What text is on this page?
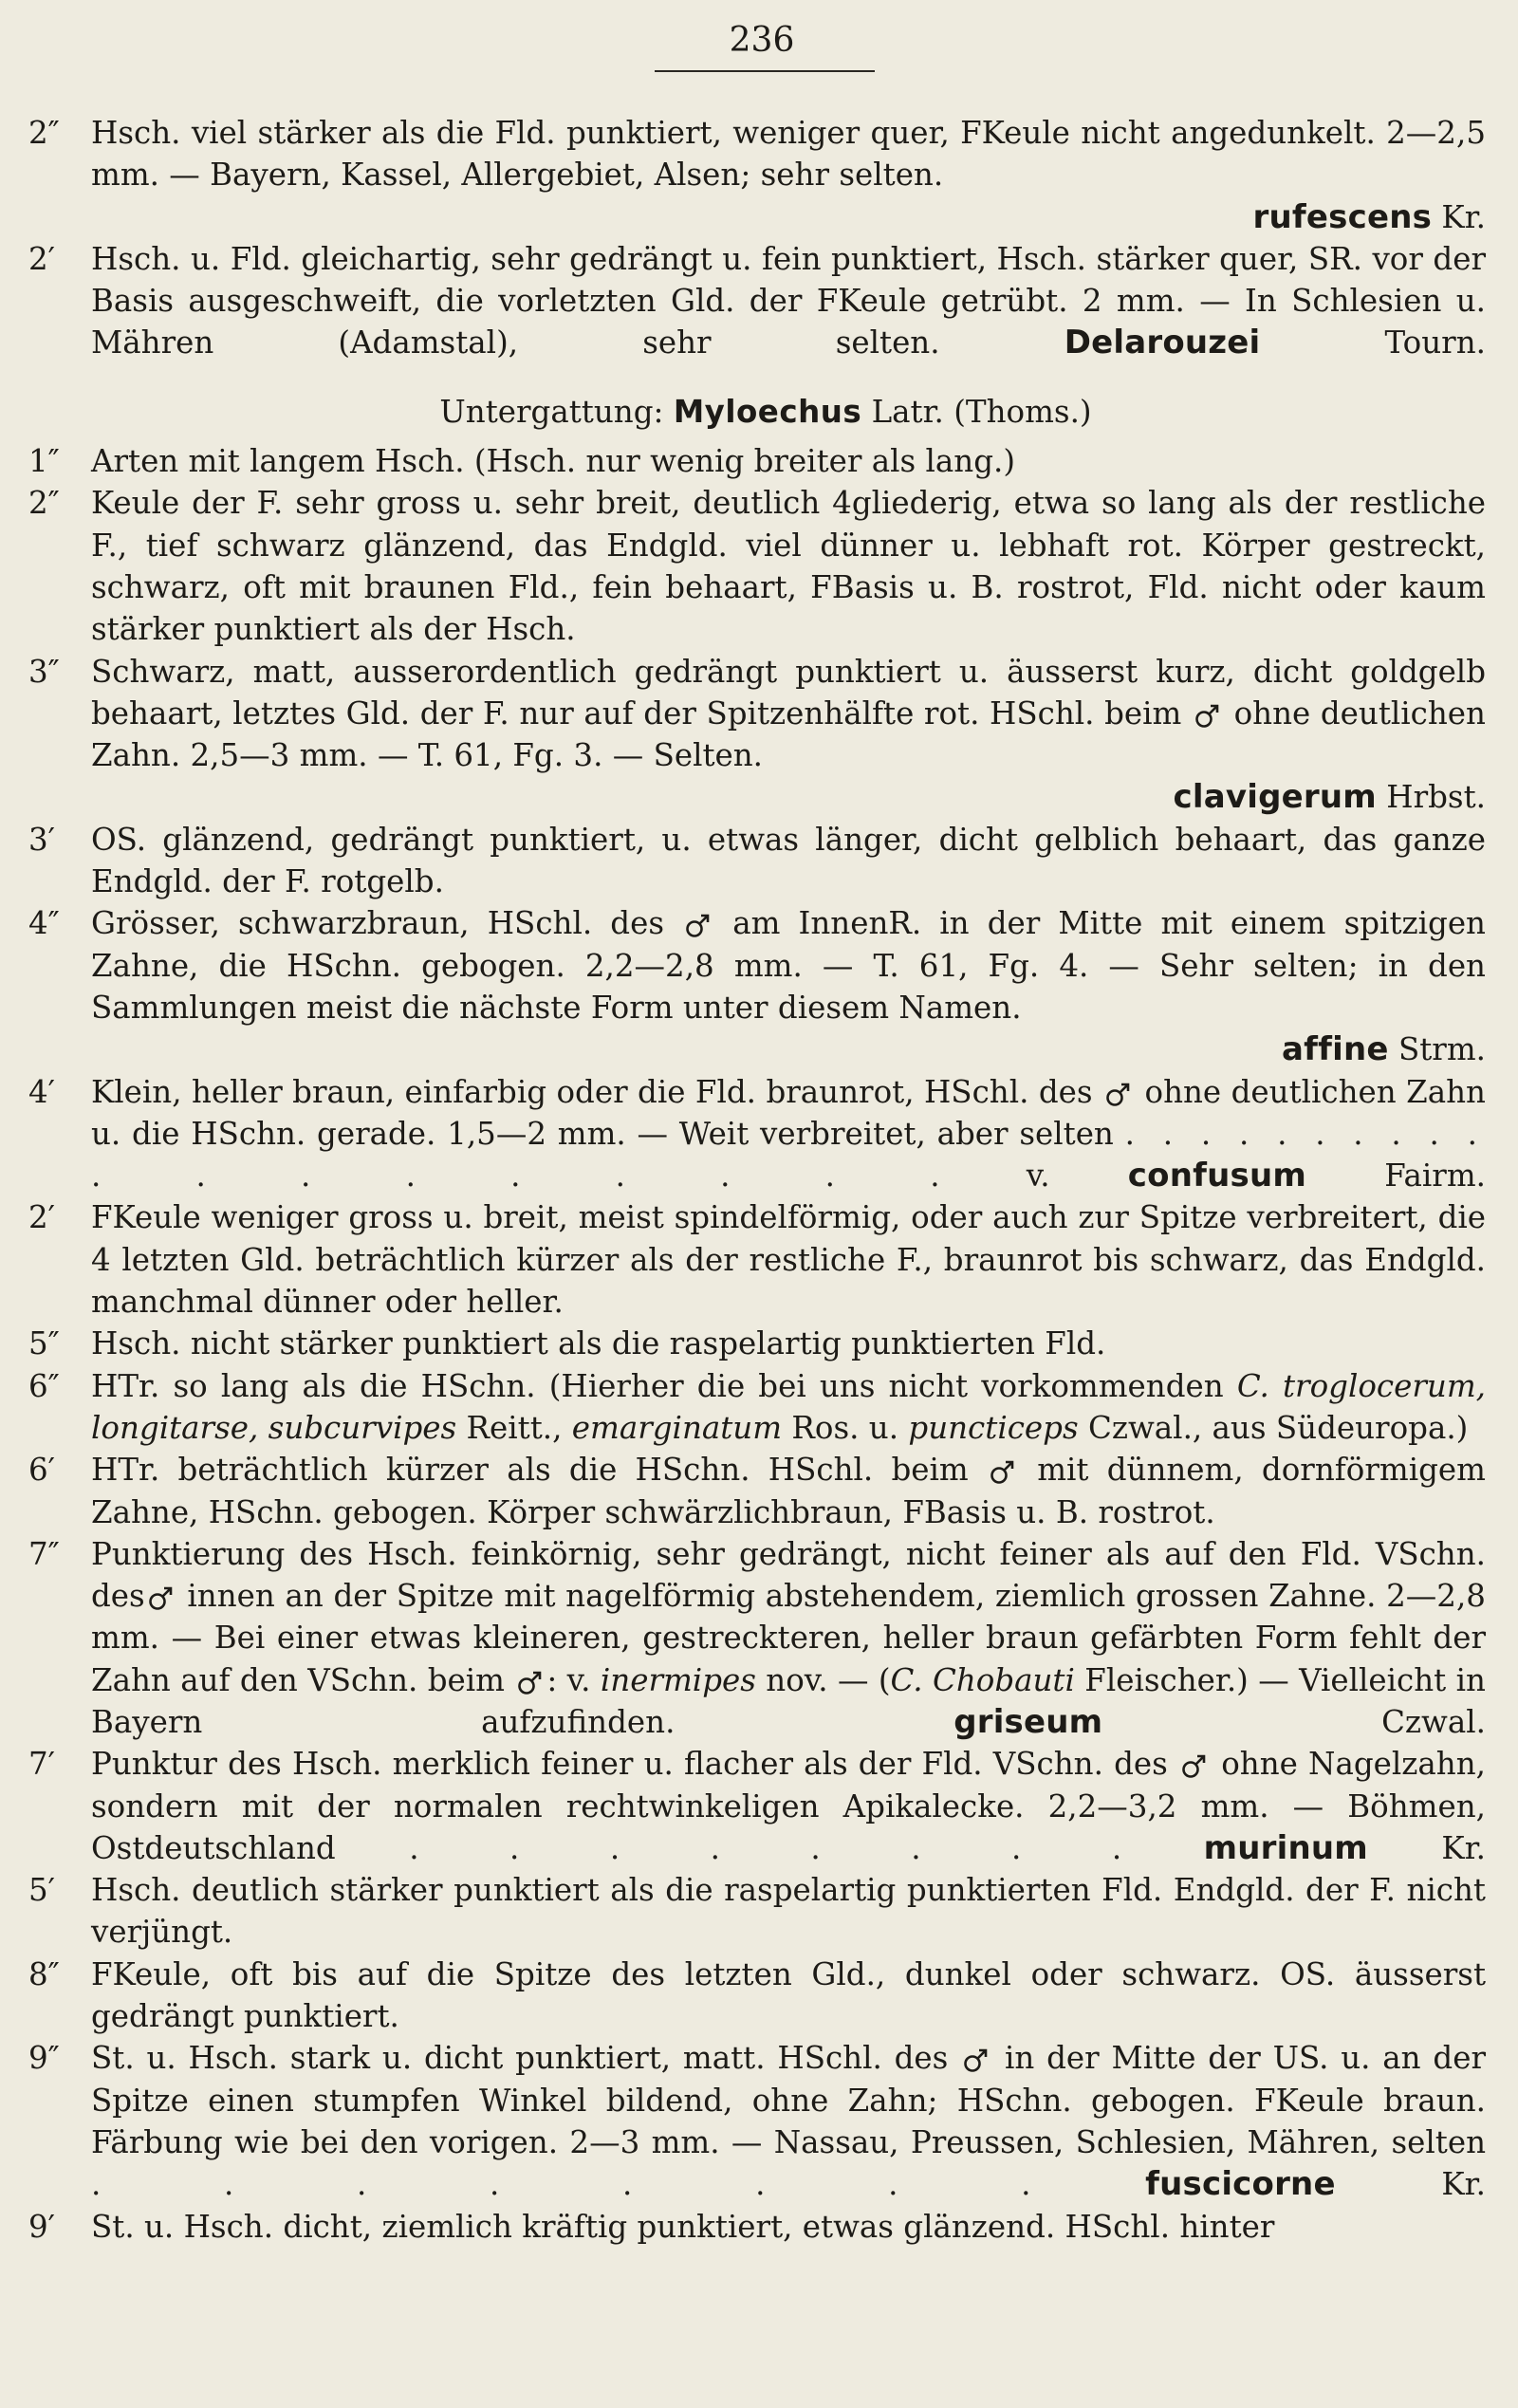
236
2″	Hsch. viel stärker als die Fld. punktiert, weniger quer, FKeule nicht angedunkelt. 2—2,5 mm. — Bayern, Kassel, Allergebiet, Alsen; sehr selten.
rufescens Kr.
2′	Hsch. u. Fld. gleichartig, sehr gedrängt u. fein punktiert, Hsch. stärker quer, SR. vor der Basis ausgeschweift, die vorletzten Gld. der FKeule getrübt. 2 mm. — In Schlesien u. Mähren (Adamstal), sehr selten.	Delarouzei	Tourn.
Untergattung: Myloechus Latr. (Thoms.)
1″	Arten mit langem Hsch. (Hsch. nur wenig breiter als lang.)
2″	Keule der F. sehr gross u. sehr breit, deutlich 4gliederig, etwa so lang als der restliche F., tief schwarz glänzend, das Endgld. viel dünner u. lebhaft rot. Körper gestreckt, schwarz, oft mit braunen Fld., fein behaart, FBasis u. B. rostrot, Fld. nicht oder kaum stärker punktiert als der Hsch.
3″	Schwarz, matt, ausserordentlich gedrängt punktiert u. äusserst kurz, dicht goldgelb behaart, letztes Gld. der F. nur auf der Spitzenhälfte rot. HSchl. beim ohne deutlichen Zahn. 2,5—3 mm. — T. 61, Fg. 3. — Selten.
clavigerum Hrbst.
3′	OS. glänzend, gedrängt punktiert, u. etwas länger, dicht gelblich behaart, das ganze Endgld. der F. rotgelb.
4″	Grösser, schwarzbraun, HSchl. des am InnenR. in der Mitte mit einem spitzigen Zahne, die HSchn. gebogen. 2,2—2,8 mm. — T. 61, Fg. 4. — Sehr selten; in den Sammlungen meist die nächste Form unter diesem Namen.
affine Strm.
4′	Klein, heller braun, einfarbig oder die Fld. braunrot, HSchl. des ohne deutlichen Zahn u. die HSchn. gerade. 1,5—2 mm. — Weit verbreitet, aber selten . . . . . . . . . . . . . . . . . . .	v. confusum	Fairm.
2′	FKeule weniger gross u. breit, meist spindelförmig, oder auch zur Spitze verbreitert, die 4 letzten Gld. beträchtlich kürzer als der restliche F., braunrot bis schwarz, das Endgld. manchmal dünner oder heller.
5″	Hsch. nicht stärker punktiert als die raspelartig punktierten Fld.
6″	HTr. so lang als die HSchn. (Hierher die bei uns nicht vorkommenden C. troglocerum, longitarse, subcurvipes Reitt., emarginatum Ros. u. puncticeps Czwal., aus Südeuropa.)
6′	HTr. beträchtlich kürzer als die HSchn. HSchl. beim mit dünnem, dornförmigem Zahne, HSchn. gebogen. Körper schwärzlichbraun, FBasis u. B. rostrot.
7″	Punktierung des Hsch. feinkörnig, sehr gedrängt, nicht feiner als auf den Fld. VSchn. des innen an der Spitze mit nagelförmig abstehendem, ziemlich grossen Zahne. 2—2,8 mm. — Bei einer etwas kleineren, gestreckteren, heller braun gefärbten Form fehlt der Zahn auf den VSchn. beim : v. inermipes nov. — (C. Chobauti Fleischer.) — Vielleicht in Bayern aufzufinden.	griseum	Czwal.
7′	Punktur des Hsch. merklich feiner u. flacher als der Fld. VSchn. des ohne Nagelzahn, sondern mit der normalen rechtwinkeligen Apikalecke. 2,2—3,2 mm. — Böhmen, Ostdeutschland . . . . . . . . murinum Kr.
5′	Hsch. deutlich stärker punktiert als die raspelartig punktierten Fld. Endgld. der F. nicht verjüngt.
8″	FKeule, oft bis auf die Spitze des letzten Gld., dunkel oder schwarz. OS. äusserst gedrängt punktiert.
9″	St. u. Hsch. stark u. dicht punktiert, matt. HSchl. des in der Mitte der US. u. an der Spitze einen stumpfen Winkel bildend, ohne Zahn; HSchn. gebogen. FKeule braun. Färbung wie bei den vorigen. 2—3 mm. — Nassau, Preussen, Schlesien, Mähren, selten . . . . . . . .	fuscicorne	Kr.
9′	St. u. Hsch. dicht, ziemlich kräftig punktiert, etwas glänzend. HSchl. hinter
